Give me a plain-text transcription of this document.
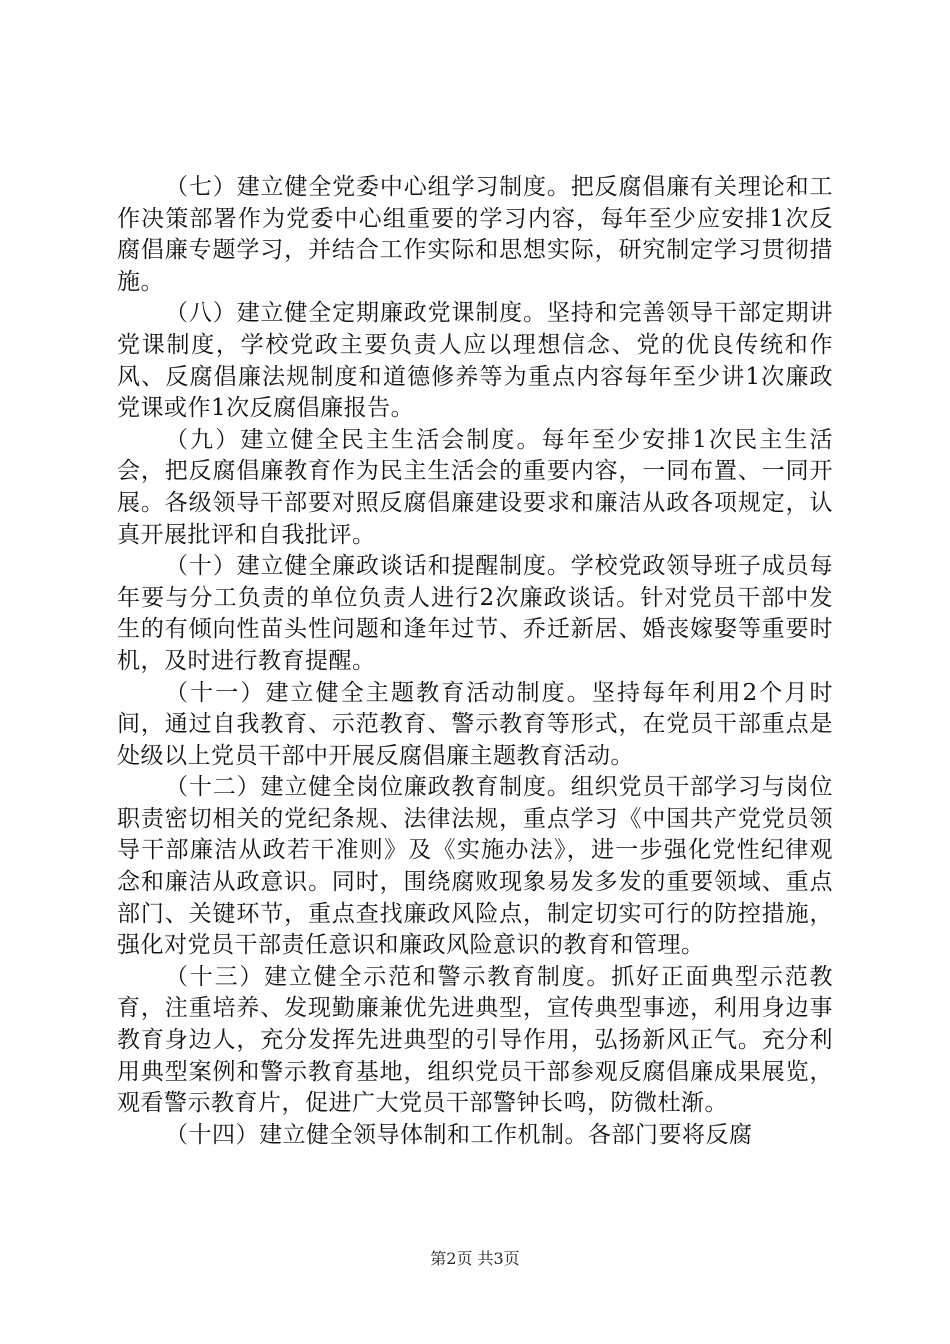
（七）建立健全党委中心组学习制度。把反腐倡廉有关理论和工作决策部署作为党委中心组重要的学习内容，每年至少应安排1次反腐倡廉专题学习，并结合工作实际和思想实际，研究制定学习贯彻措施。

（八）建立健全定期廉政党课制度。坚持和完善领导干部定期讲党课制度，学校党政主要负责人应以理想信念、党的优良传统和作风、反腐倡廉法规制度和道德修养等为重点内容每年至少讲1次廉政党课或作1次反腐倡廉报告。

（九）建立健全民主生活会制度。每年至少安排1次民主生活会，把反腐倡廉教育作为民主生活会的重要内容，一同布置、一同开展。各级领导干部要对照反腐倡廉建设要求和廉洁从政各项规定，认真开展批评和自我批评。

（十）建立健全廉政谈话和提醒制度。学校党政领导班子成员每年要与分工负责的单位负责人进行2次廉政谈话。针对党员干部中发生的有倾向性苗头性问题和逢年过节、乔迁新居、婚丧嫁娶等重要时机，及时进行教育提醒。

（十一）建立健全主题教育活动制度。坚持每年利用2个月时间，通过自我教育、示范教育、警示教育等形式，在党员干部重点是处级以上党员干部中开展反腐倡廉主题教育活动。

（十二）建立健全岗位廉政教育制度。组织党员干部学习与岗位职责密切相关的党纪条规、法律法规，重点学习《中国共产党党员领导干部廉洁从政若干准则》及《实施办法》，进一步强化党性纪律观念和廉洁从政意识。同时，围绕腐败现象易发多发的重要领域、重点部门、关键环节，重点查找廉政风险点，制定切实可行的防控措施，强化对党员干部责任意识和廉政风险意识的教育和管理。

（十三）建立健全示范和警示教育制度。抓好正面典型示范教育，注重培养、发现勤廉兼优先进典型，宣传典型事迹，利用身边事教育身边人，充分发挥先进典型的引导作用，弘扬新风正气。充分利用典型案例和警示教育基地，组织党员干部参观反腐倡廉成果展览，观看警示教育片，促进广大党员干部警钟长鸣，防微杜渐。

（十四）建立健全领导体制和工作机制。各部门要将反腐

第2页 共3页
